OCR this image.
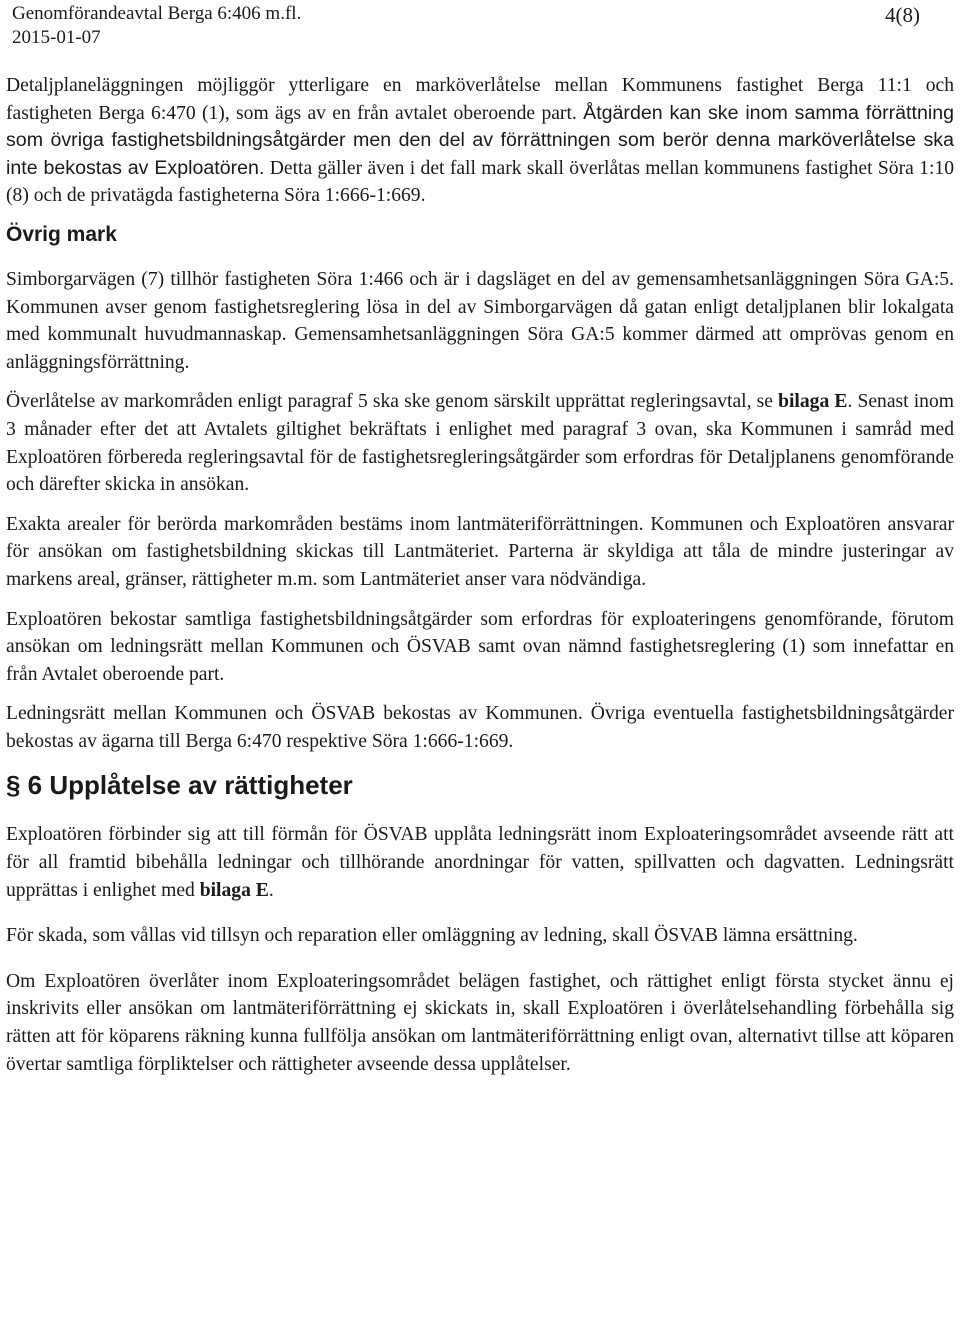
Genomförandeavtal Berga 6:406 m.fl.
2015-01-07
4(8)

Detaljplaneläggningen möjliggör ytterligare en marköverlåtelse mellan Kommunens fastighet Berga 11:1 och fastigheten Berga 6:470 (1), som ägs av en från avtalet oberoende part. Åtgärden kan ske inom samma förrättning som övriga fastighetsbildningsåtgärder men den del av förrättningen som berör denna marköverlåtelse ska inte bekostas av Exploatören. Detta gäller även i det fall mark skall överlåtas mellan kommunens fastighet Söra 1:10 (8) och de privatägda fastigheterna Söra 1:666-1:669.

Övrig mark

Simborgarvägen (7) tillhör fastigheten Söra 1:466 och är i dagsläget en del av gemensamhetsanläggningen Söra GA:5. Kommunen avser genom fastighetsreglering lösa in del av Simborgarvägen då gatan enligt detaljplanen blir lokalgata med kommunalt huvudmannaskap. Gemensamhetsanläggningen Söra GA:5 kommer därmed att omprövas genom en anläggningsförrättning.

Överlåtelse av markområden enligt paragraf 5 ska ske genom särskilt upprättat regleringsavtal, se bilaga E. Senast inom 3 månader efter det att Avtalets giltighet bekräftats i enlighet med paragraf 3 ovan, ska Kommunen i samråd med Exploatören förbereda regleringsavtal för de fastighetsregleringsåtgärder som erfordras för Detaljplanens genomförande och därefter skicka in ansökan.

Exakta arealer för berörda markområden bestäms inom lantmäteriförrättningen. Kommunen och Exploatören ansvarar för ansökan om fastighetsbildning skickas till Lantmäteriet. Parterna är skyldiga att tåla de mindre justeringar av markens areal, gränser, rättigheter m.m. som Lantmäteriet anser vara nödvändiga.

Exploatören bekostar samtliga fastighetsbildningsåtgärder som erfordras för exploateringens genomförande, förutom ansökan om ledningsrätt mellan Kommunen och ÖSVAB samt ovan nämnd fastighetsreglering (1) som innefattar en från Avtalet oberoende part.

Ledningsrätt mellan Kommunen och ÖSVAB bekostas av Kommunen. Övriga eventuella fastighetsbildningsåtgärder bekostas av ägarna till Berga 6:470 respektive Söra 1:666-1:669.

§ 6 Upplåtelse av rättigheter

Exploatören förbinder sig att till förmån för ÖSVAB upplåta ledningsrätt inom Exploateringsområdet avseende rätt att för all framtid bibehålla ledningar och tillhörande anordningar för vatten, spillvatten och dagvatten. Ledningsrätt upprättas i enlighet med bilaga E.

För skada, som vållas vid tillsyn och reparation eller omläggning av ledning, skall ÖSVAB lämna ersättning.

Om Exploatören överlåter inom Exploateringsområdet belägen fastighet, och rättighet enligt första stycket ännu ej inskrivits eller ansökan om lantmäteriförrättning ej skickats in, skall Exploatören i överlåtelsehandling förbehålla sig rätten att för köparens räkning kunna fullfölja ansökan om lantmäteriförrättning enligt ovan, alternativt tillse att köparen övertar samtliga förpliktelser och rättigheter avseende dessa upplåtelser.
